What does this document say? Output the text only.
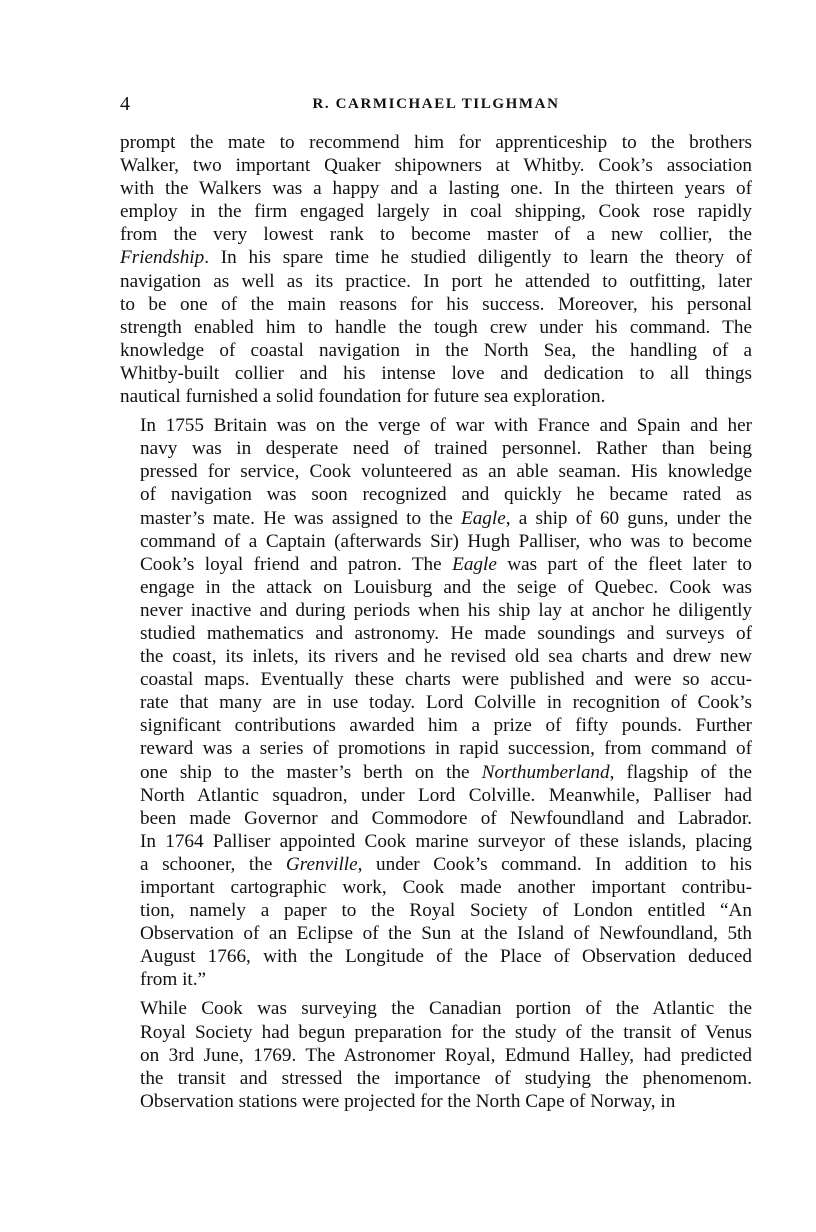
4	R. CARMICHAEL TILGHMAN

prompt the mate to recommend him for apprenticeship to the brothers
Walker, two important Quaker shipowners at Whitby. Cook’s association
with the Walkers was a happy and a lasting one. In the thirteen years of
employ in the firm engaged largely in coal shipping, Cook rose rapidly
from the very lowest rank to become master of a new collier, the
Friendship. In his spare time he studied diligently to learn the theory of
navigation as well as its practice. In port he attended to outfitting, later
to be one of the main reasons for his success. Moreover, his personal
strength enabled him to handle the tough crew under his command. The
knowledge of coastal navigation in the North Sea, the handling of a
Whitby-built collier and his intense love and dedication to all things
nautical furnished a solid foundation for future sea exploration.

In 1755 Britain was on the verge of war with France and Spain and her
navy was in desperate need of trained personnel. Rather than being
pressed for service, Cook volunteered as an able seaman. His knowledge
of navigation was soon recognized and quickly he became rated as
master’s mate. He was assigned to the Eagle, a ship of 60 guns, under the
command of a Captain (afterwards Sir) Hugh Palliser, who was to become
Cook’s loyal friend and patron. The Eagle was part of the fleet later to
engage in the attack on Louisburg and the seige of Quebec. Cook was
never inactive and during periods when his ship lay at anchor he diligently
studied mathematics and astronomy. He made soundings and surveys of
the coast, its inlets, its rivers and he revised old sea charts and drew new
coastal maps. Eventually these charts were published and were so accu-
rate that many are in use today. Lord Colville in recognition of Cook’s
significant contributions awarded him a prize of fifty pounds. Further
reward was a series of promotions in rapid succession, from command of
one ship to the master’s berth on the Northumberland, flagship of the
North Atlantic squadron, under Lord Colville. Meanwhile, Palliser had
been made Governor and Commodore of Newfoundland and Labrador.
In 1764 Palliser appointed Cook marine surveyor of these islands, placing
a schooner, the Grenville, under Cook’s command. In addition to his
important cartographic work, Cook made another important contribu-
tion, namely a paper to the Royal Society of London entitled “An
Observation of an Eclipse of the Sun at the Island of Newfoundland, 5th
August 1766, with the Longitude of the Place of Observation deduced
from it.”

While Cook was surveying the Canadian portion of the Atlantic the
Royal Society had begun preparation for the study of the transit of Venus
on 3rd June, 1769. The Astronomer Royal, Edmund Halley, had predicted
the transit and stressed the importance of studying the phenomenom.
Observation stations were projected for the North Cape of Norway, in
